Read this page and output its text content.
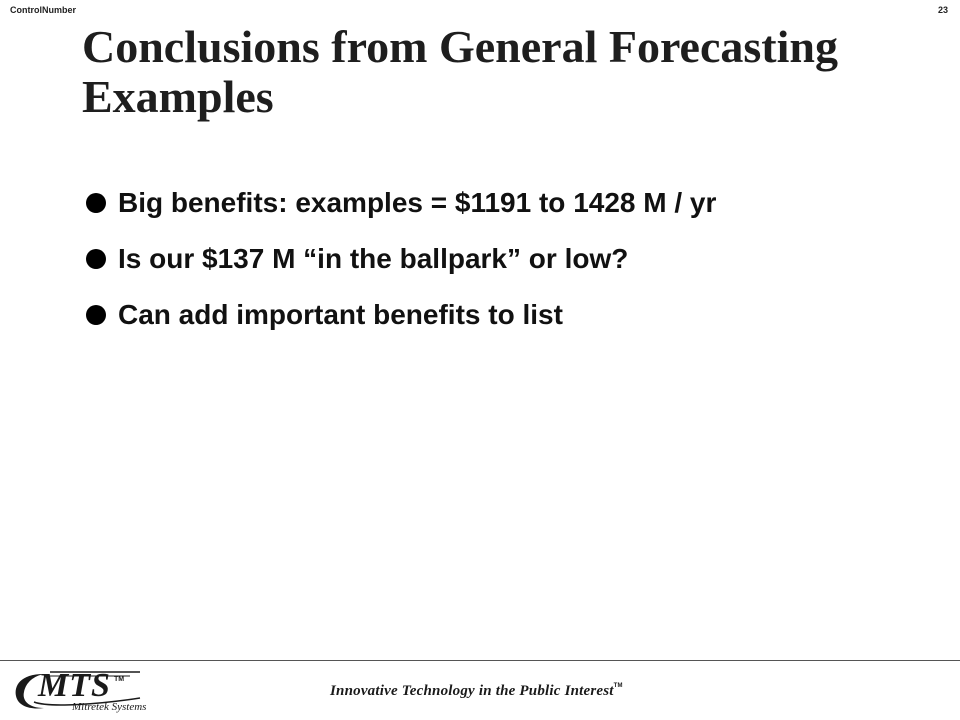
ControlNumber	23
Conclusions from General Forecasting Examples
Big benefits: examples = $1191 to 1428 M / yr
Is our $137 M “in the ballpark” or low?
Can add important benefits to list
MTS TM
Mitretek Systems
Innovative Technology in the Public Interest™
